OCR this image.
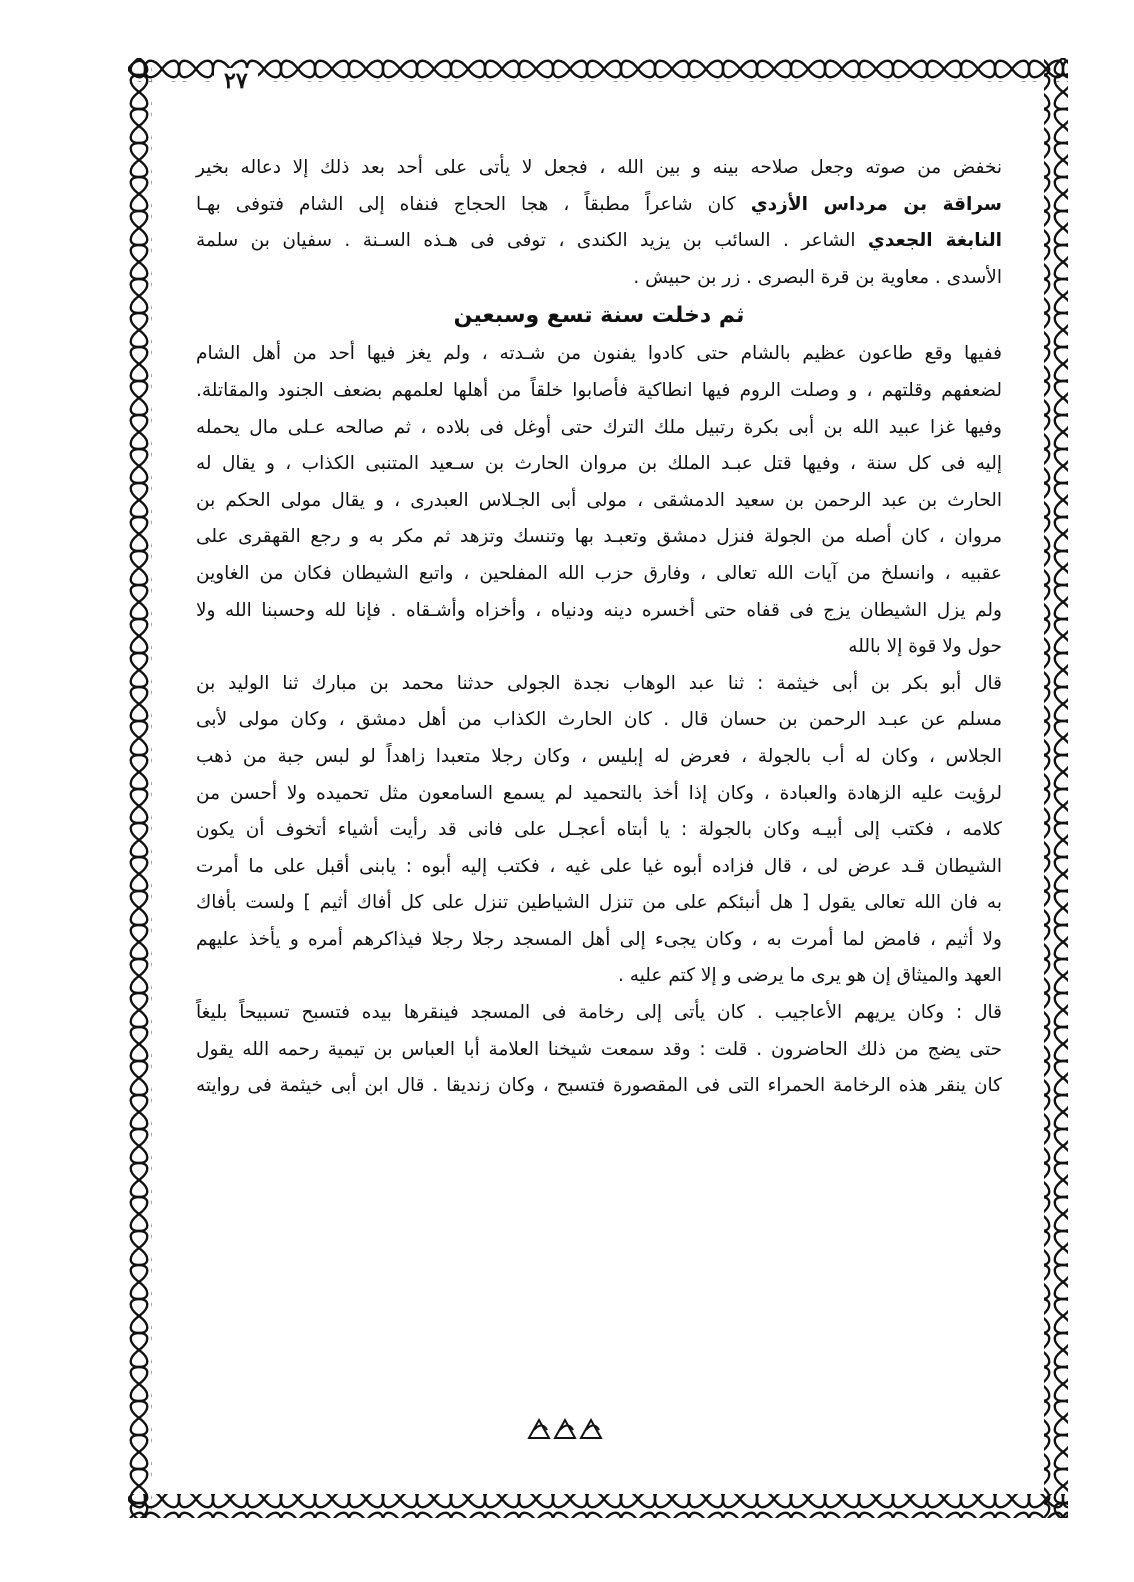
٢٧
نخفض من صوته وجعل صلاحه بينه و بين الله ، فجعل لا يأتى على أحد بعد ذلك إلا دعاله بخير
سراقة بن مرداس الأزدي كان شاعراً مطبقاً ، هجا الحجاج فنفاه إلى الشام فتوفى بهـا
النابغة الجعدي الشاعر . السائب بن يزيد الكندى ، توفى فى هـذه السـنة . سفيان بن سلمة
الأسدى . معاوية بن قرة البصرى . زر بن حبيش .
ثم دخلت سنة تسع وسبعين
ففيها وقع طاعون عظيم بالشام حتى كادوا يفنون من شـدته ، ولم يغز فيها أحد من أهل الشام
لضعفهم وقلتهم ، و وصلت الروم فيها انطاكية فأصابوا خلقاً من أهلها لعلمهم بضعف الجنود والمقاتلة.
وفيها غزا عبيد الله بن أبى بكرة رتبيل ملك الترك حتى أوغل فى بلاده ، ثم صالحه عـلى مال يحمله
إليه فى كل سنة ، وفيها قتل عبـد الملك بن مروان الحارث بن سـعيد المتنبى الكذاب ، و يقال له
الحارث بن عبد الرحمن بن سعيد الدمشقى ، مولى أبى الجـلاس العبدرى ، و يقال مولى الحكم بن
مروان ، كان أصله من الجولة فنزل دمشق وتعبـد بها وتنسك وتزهد ثم مكر به و رجع القهقرى على
عقبيه ، وانسلخ من آيات الله تعالى ، وفارق حزب الله المفلحين ، واتبع الشيطان فكان من الغاوين
ولم يزل الشيطان يزج فى قفاه حتى أخسره دينه ودنياه ، وأخزاه وأشـقاه . فإنا لله وحسبنا الله ولا
حول ولا قوة إلا بالله
قال أبو بكر بن أبى خيثمة : ثنا عبد الوهاب نجدة الجولى حدثنا محمد بن مبارك ثنا الوليد بن
مسلم عن عبـد الرحمن بن حسان قال . كان الحارث الكذاب من أهل دمشق ، وكان مولى لأبى
الجلاس ، وكان له أب بالجولة ، فعرض له إبليس ، وكان رجلا متعبدا زاهداً لو لبس جبة من ذهب
لرؤيت عليه الزهادة والعبادة ، وكان إذا أخذ بالتحميد لم يسمع السامعون مثل تحميده ولا أحسن من
كلامه ، فكتب إلى أبيـه وكان بالجولة : يا أبتاه أعجـل على فانى قد رأيت أشياء أتخوف أن يكون
الشيطان قـد عرض لى ، قال فزاده أبوه غيا على غيه ، فكتب إليه أبوه : يابنى أقبل على ما أمرت
به فان الله تعالى يقول [ هل أنبئكم على من تنزل الشياطين تنزل على كل أفاك أثيم ] ولست بأفاك
ولا أثيم ، فامض لما أمرت به ، وكان يجىء إلى أهل المسجد رجلا رجلا فيذاكرهم أمره و يأخذ عليهم
العهد والميثاق إن هو يرى ما يرضى و إلا كتم عليه .
قال : وكان يريهم الأعاجيب . كان يأتى إلى رخامة فى المسجد فينقرها بيده فتسبح تسبيحاً بليغاً
حتى يضج من ذلك الحاضرون . قلت : وقد سمعت شيخنا العلامة أبا العباس بن تيمية رحمه الله يقول
كان ينقر هذه الرخامة الحمراء التى فى المقصورة فتسبح ، وكان زنديقا . قال ابن أبى خيثمة فى روايته
